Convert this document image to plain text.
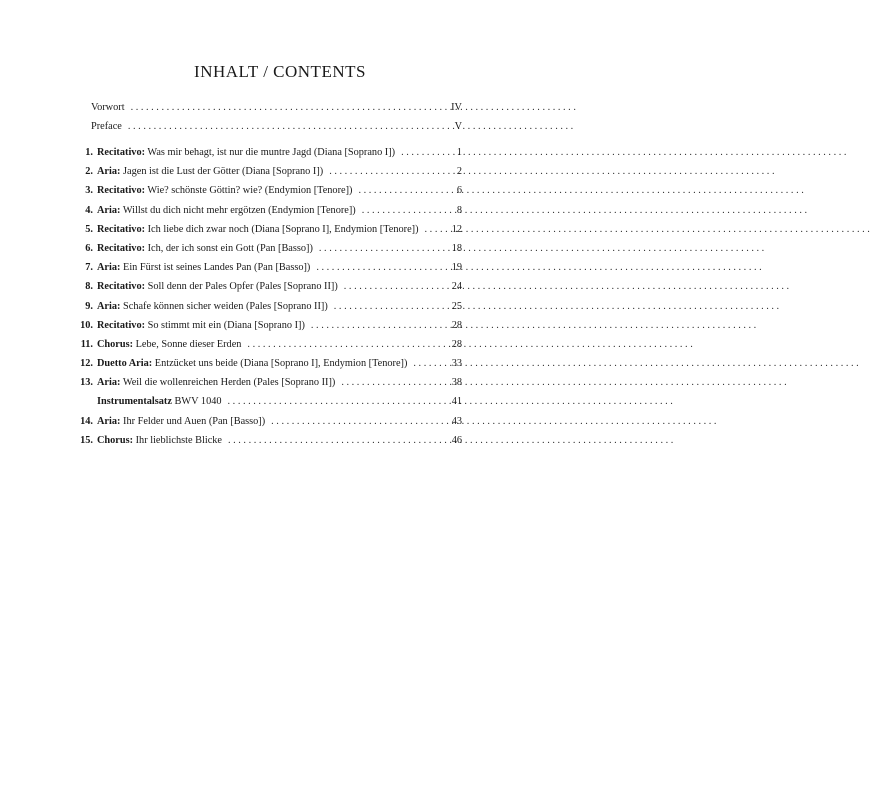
INHALT / CONTENTS
Vorwort . . .	IV
Preface . . .	V
1. Recitativo: Was mir behagt, ist nur die muntre Jagd (Diana [Soprano I]) . . .	1
2. Aria: Jagen ist die Lust der Götter (Diana [Soprano I]) . . .	2
3. Recitativo: Wie? schönste Göttin? wie? (Endymion [Tenore]) . . .	6
4. Aria: Willst du dich nicht mehr ergötzen (Endymion [Tenore]) . . .	8
5. Recitativo: Ich liebe dich zwar noch (Diana [Soprano I], Endymion [Tenore]) . . .	12
6. Recitativo: Ich, der ich sonst ein Gott (Pan [Basso]) . . .	18
7. Aria: Ein Fürst ist seines Landes Pan (Pan [Basso]) . . .	19
8. Recitativo: Soll denn der Pales Opfer (Pales [Soprano II]) . . .	24
9. Aria: Schafe können sicher weiden (Pales [Soprano II]) . . .	25
10. Recitativo: So stimmt mit ein (Diana [Soprano I]) . . .	28
11. Chorus: Lebe, Sonne dieser Erden . . .	28
12. Duetto Aria: Entzücket uns beide (Diana [Soprano I], Endymion [Tenore]) . . .	33
13. Aria: Weil die wollenreichen Herden (Pales [Soprano II]) . . .	38
Instrumentalsatz BWV 1040 . . .	41
14. Aria: Ihr Felder und Auen (Pan [Basso]) . . .	43
15. Chorus: Ihr lieblichste Blicke . . .	46
